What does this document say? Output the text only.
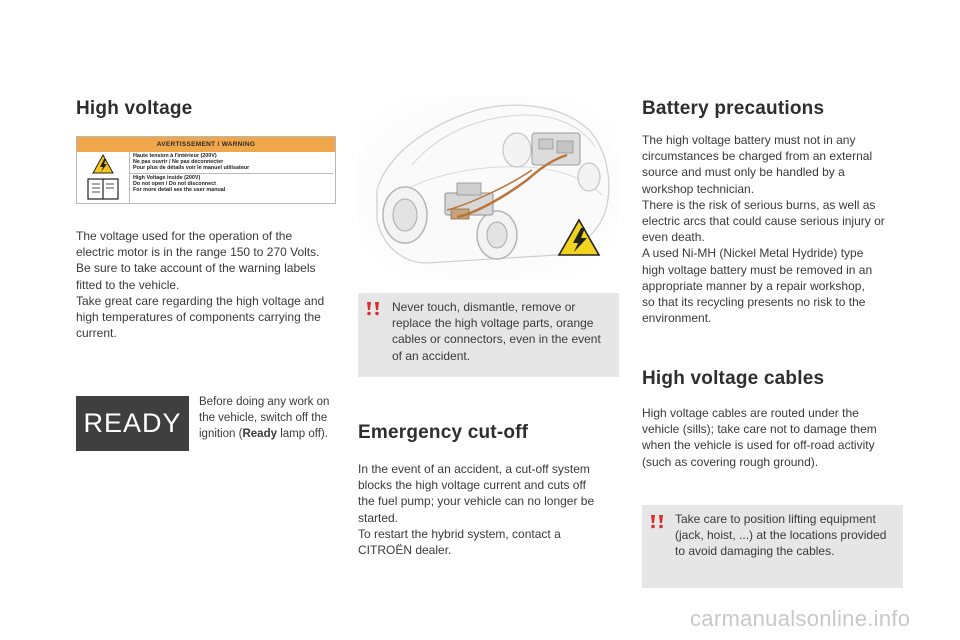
High voltage
AVERTISSEMENT / WARNING
Haute tension à l'intérieur (200V)
Ne pas ouvrir / Ne pas déconnecter
Pour plus de détails voir le manuel utilisateur
High Voltage inside (200V)
Do not open / Do not disconnect
For more detail see the user manual
The voltage used for the operation of the
electric motor is in the range 150 to 270 Volts.
Be sure to take account of the warning labels
fitted to the vehicle.
Take great care regarding the high voltage and
high temperatures of components carrying the
current.
READY
Before doing any work on
the vehicle, switch off the
ignition (Ready lamp off).
Never touch, dismantle, remove or
replace the high voltage parts, orange
cables or connectors, even in the event
of an accident.
Emergency cut-off
In the event of an accident, a cut-off system
blocks the high voltage current and cuts off
the fuel pump; your vehicle can no longer be
started.
To restart the hybrid system, contact a
CITROËN dealer.
Battery precautions
The high voltage battery must not in any
circumstances be charged from an external
source and must only be handled by a
workshop technician.
There is the risk of serious burns, as well as
electric arcs that could cause serious injury or
even death.
A used Ni-MH (Nickel Metal Hydride) type
high voltage battery must be removed in an
appropriate manner by a repair workshop,
so that its recycling presents no risk to the
environment.
High voltage cables
High voltage cables are routed under the
vehicle (sills); take care not to damage them
when the vehicle is used for off-road activity
(such as covering rough ground).
Take care to position lifting equipment
(jack, hoist, ...) at the locations provided
to avoid damaging the cables.
carmanualsonline.info
